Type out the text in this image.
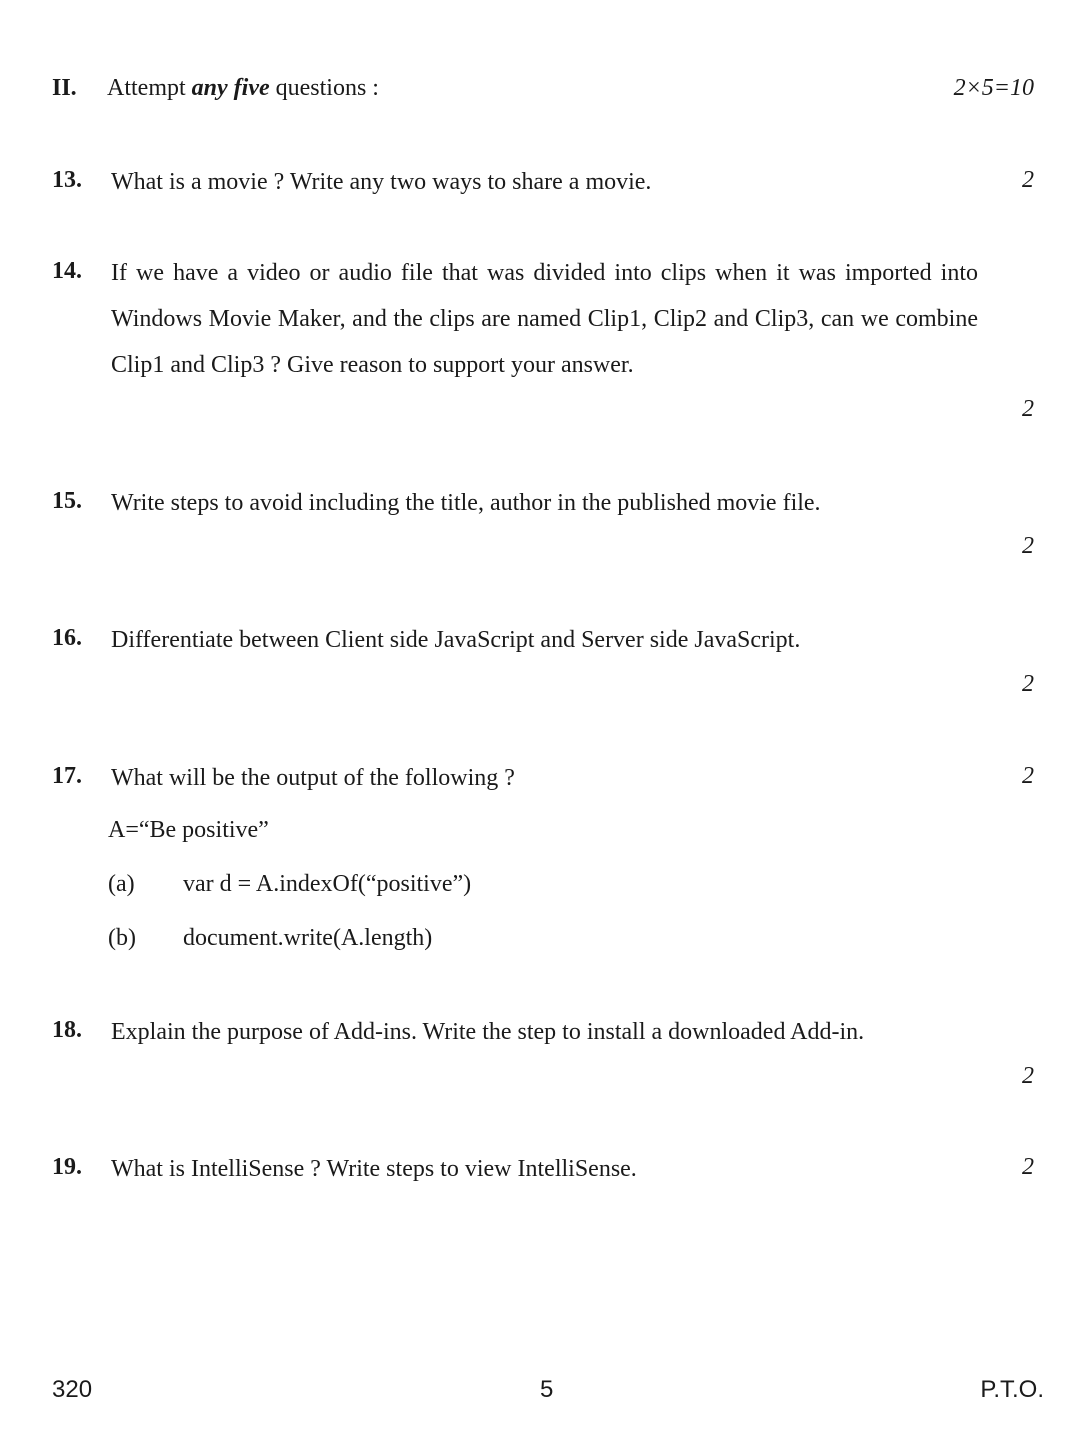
II. Attempt any five questions :	2×5=10
13. What is a movie ? Write any two ways to share a movie.	2
14. If we have a video or audio file that was divided into clips when it was imported into Windows Movie Maker, and the clips are named Clip1, Clip2 and Clip3, can we combine Clip1 and Clip3 ? Give reason to support your answer.
2
15. Write steps to avoid including the title, author in the published movie file.
2
16. Differentiate between Client side JavaScript and Server side JavaScript.
2
17. What will be the output of the following ?	2
A=“Be positive”
(a) var d = A.indexOf(“positive”)
(b) document.write(A.length)
18. Explain the purpose of Add-ins. Write the step to install a downloaded Add-in.
2
19. What is IntelliSense ? Write steps to view IntelliSense.	2
320	5	P.T.O.
